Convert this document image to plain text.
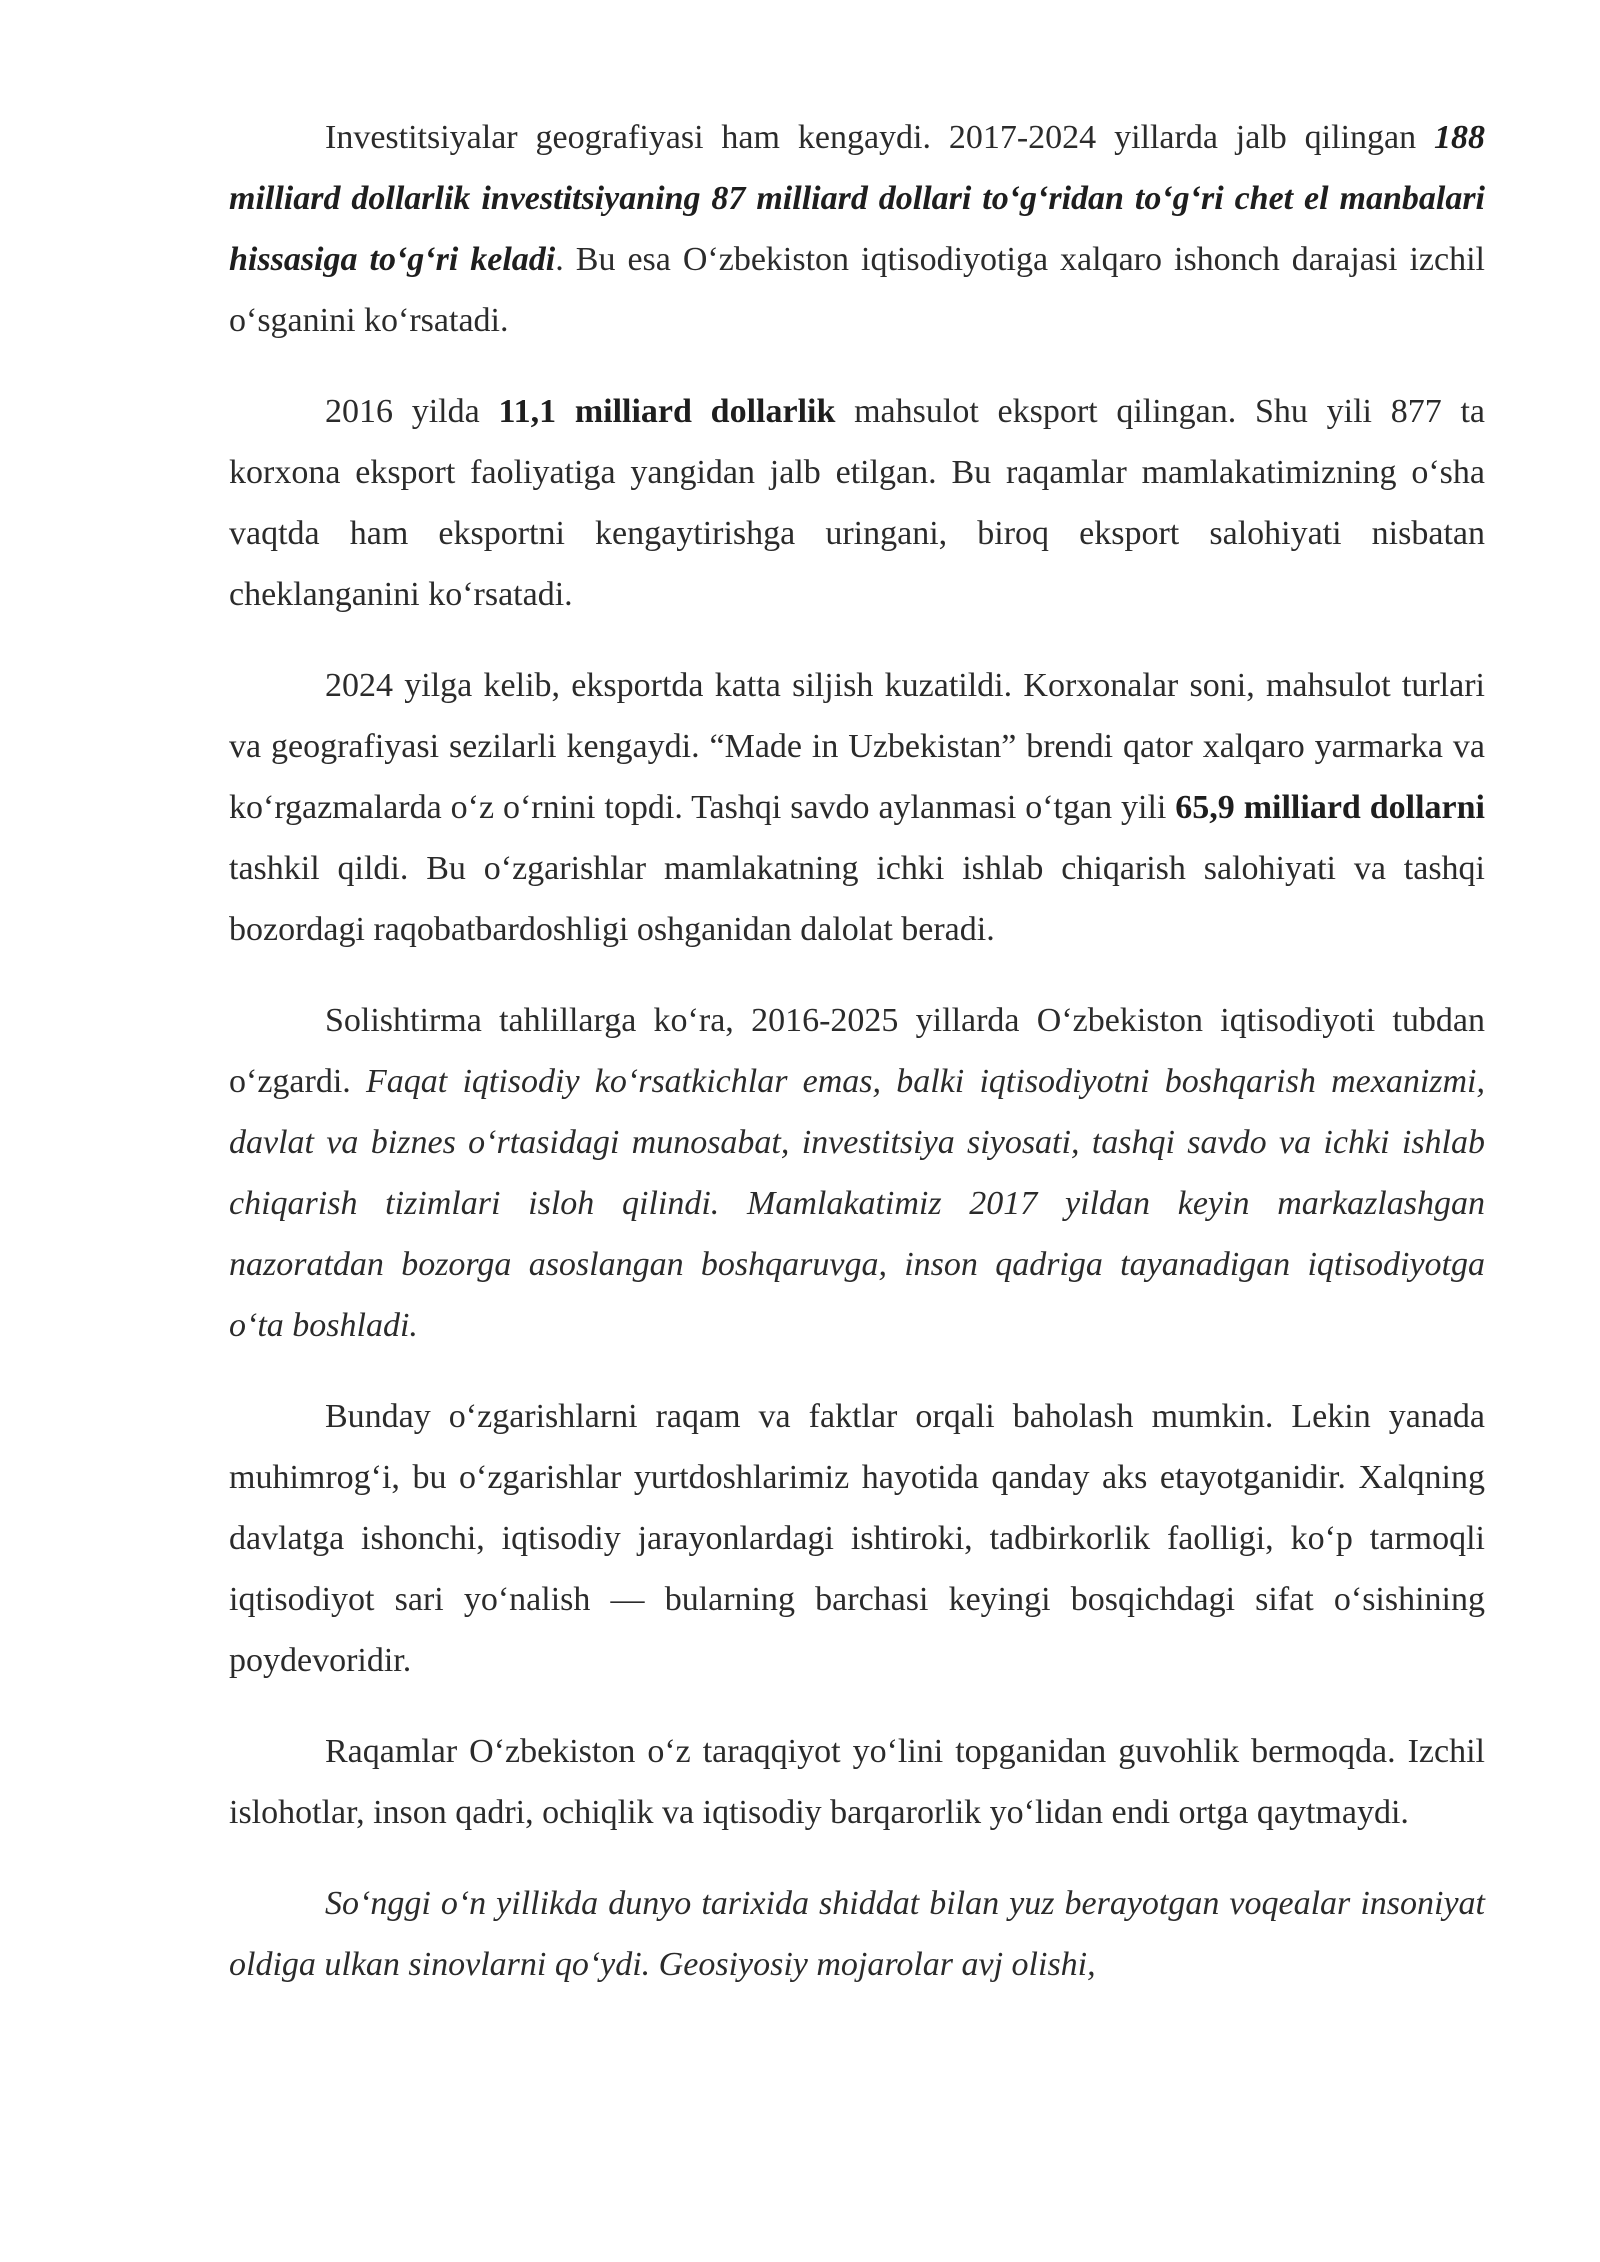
Investitsiyalar geografiyasi ham kengaydi. 2017-2024 yillarda jalb qilingan 188 milliard dollarlik investitsiyaning 87 milliard dollari to‘g‘ridan to‘g‘ri chet el manbalari hissasiga to‘g‘ri keladi. Bu esa O‘zbekiston iqtisodiyotiga xalqaro ishonch darajasi izchil o‘sganini ko‘rsatadi.

2016 yilda 11,1 milliard dollarlik mahsulot eksport qilingan. Shu yili 877 ta korxona eksport faoliyatiga yangidan jalb etilgan. Bu raqamlar mamlakatimizning o‘sha vaqtda ham eksportni kengaytirishga uringani, biroq eksport salohiyati nisbatan cheklanganini ko‘rsatadi.

2024 yilga kelib, eksportda katta siljish kuzatildi. Korxonalar soni, mahsulot turlari va geografiyasi sezilarli kengaydi. “Made in Uzbekistan” brendi qator xalqaro yarmarka va ko‘rgazmalarda o‘z o‘rnini topdi. Tashqi savdo aylanmasi o‘tgan yili 65,9 milliard dollarni tashkil qildi. Bu o‘zgarishlar mamlakatning ichki ishlab chiqarish salohiyati va tashqi bozordagi raqobatbardoshligi oshganidan dalolat beradi.

Solishtirma tahlillarga ko‘ra, 2016-2025 yillarda O‘zbekiston iqtisodiyoti tubdan o‘zgardi. Faqat iqtisodiy ko‘rsatkichlar emas, balki iqtisodiyotni boshqarish mexanizmi, davlat va biznes o‘rtasidagi munosabat, investitsiya siyosati, tashqi savdo va ichki ishlab chiqarish tizimlari isloh qilindi. Mamlakatimiz 2017 yildan keyin markazlashgan nazoratdan bozorga asoslangan boshqaruvga, inson qadriga tayanadigan iqtisodiyotga o‘ta boshladi.

Bunday o‘zgarishlarni raqam va faktlar orqali baholash mumkin. Lekin yanada muhimrog‘i, bu o‘zgarishlar yurtdoshlarimiz hayotida qanday aks etayotganidir. Xalqning davlatga ishonchi, iqtisodiy jarayonlardagi ishtiroki, tadbirkorlik faolligi, ko‘p tarmoqli iqtisodiyot sari yo‘nalish — bularning barchasi keyingi bosqichdagi sifat o‘sishining poydevoridir.

Raqamlar O‘zbekiston o‘z taraqqiyot yo‘lini topganidan guvohlik bermoqda. Izchil islohotlar, inson qadri, ochiqlik va iqtisodiy barqarorlik yo‘lidan endi ortga qaytmaydi.

So‘nggi o‘n yillikda dunyo tarixida shiddat bilan yuz berayotgan voqealar insoniyat oldiga ulkan sinovlarni qo‘ydi. Geosiyosiy mojarolar avj olishi,
